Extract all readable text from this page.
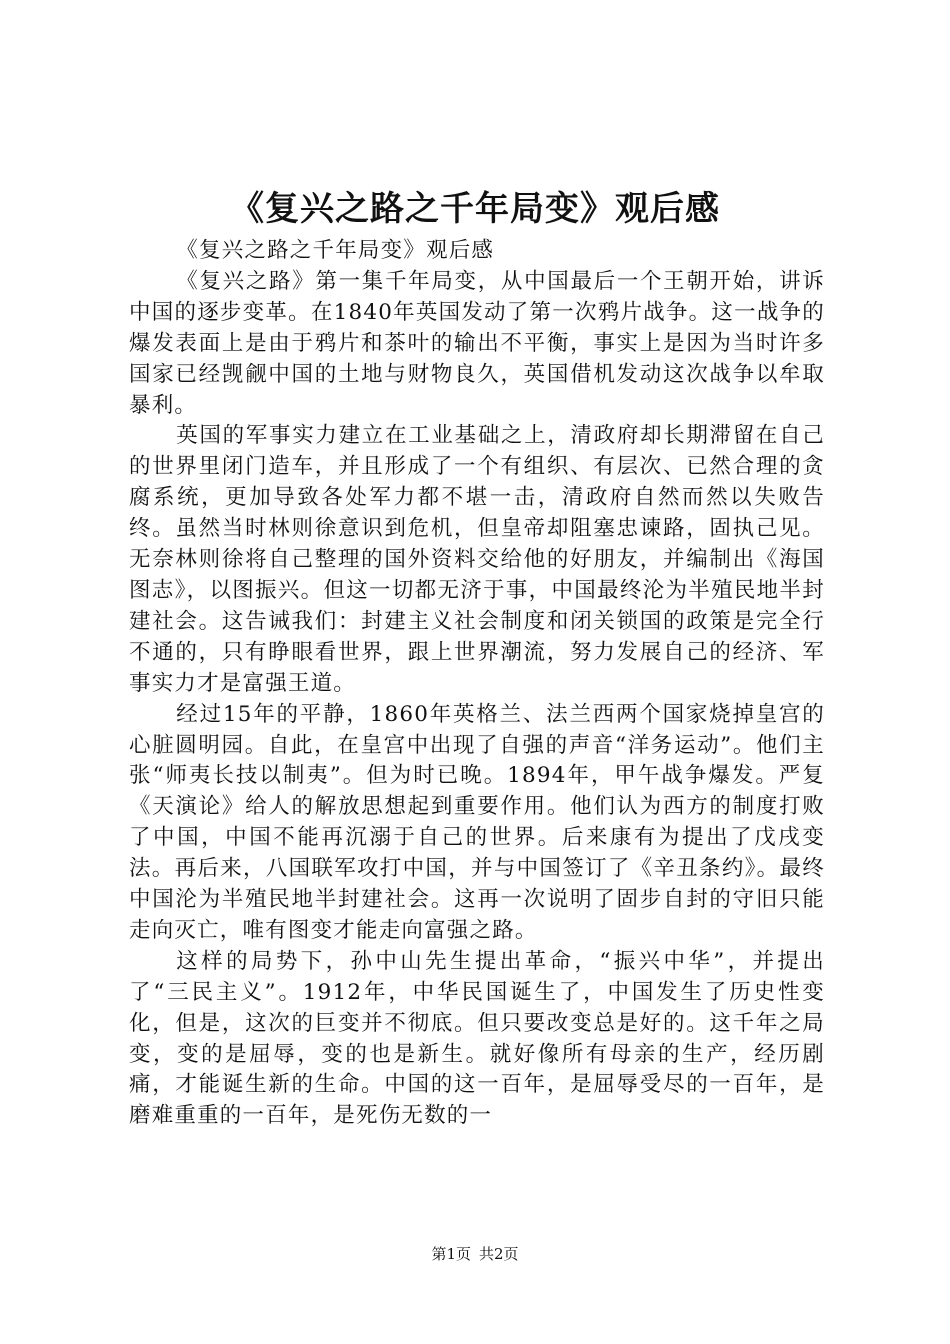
《复兴之路之千年局变》观后感

《复兴之路之千年局变》观后感

《复兴之路》第一集千年局变，从中国最后一个王朝开始，讲诉中国的逐步变革。在1840年英国发动了第一次鸦片战争。这一战争的爆发表面上是由于鸦片和茶叶的输出不平衡，事实上是因为当时许多国家已经觊觎中国的土地与财物良久，英国借机发动这次战争以牟取暴利。

英国的军事实力建立在工业基础之上，清政府却长期滞留在自己的世界里闭门造车，并且形成了一个有组织、有层次、已然合理的贪腐系统，更加导致各处军力都不堪一击，清政府自然而然以失败告终。虽然当时林则徐意识到危机，但皇帝却阻塞忠谏路，固执己见。无奈林则徐将自己整理的国外资料交给他的好朋友，并编制出《海国图志》，以图振兴。但这一切都无济于事，中国最终沦为半殖民地半封建社会。这告诫我们：封建主义社会制度和闭关锁国的政策是完全行不通的，只有睁眼看世界，跟上世界潮流，努力发展自己的经济、军事实力才是富强王道。

经过15年的平静，1860年英格兰、法兰西两个国家烧掉皇宫的心脏圆明园。自此，在皇宫中出现了自强的声音“洋务运动”。他们主张“师夷长技以制夷”。但为时已晚。1894年，甲午战争爆发。严复《天演论》给人的解放思想起到重要作用。他们认为西方的制度打败了中国，中国不能再沉溺于自己的世界。后来康有为提出了戊戌变法。再后来，八国联军攻打中国，并与中国签订了《辛丑条约》。最终中国沦为半殖民地半封建社会。这再一次说明了固步自封的守旧只能走向灭亡，唯有图变才能走向富强之路。

这样的局势下，孙中山先生提出革命，“振兴中华”，并提出了“三民主义”。1912年，中华民国诞生了，中国发生了历史性变化，但是，这次的巨变并不彻底。但只要改变总是好的。这千年之局变，变的是屈辱，变的也是新生。就好像所有母亲的生产，经历剧痛，才能诞生新的生命。中国的这一百年，是屈辱受尽的一百年，是磨难重重的一百年，是死伤无数的一

第1页 共2页
